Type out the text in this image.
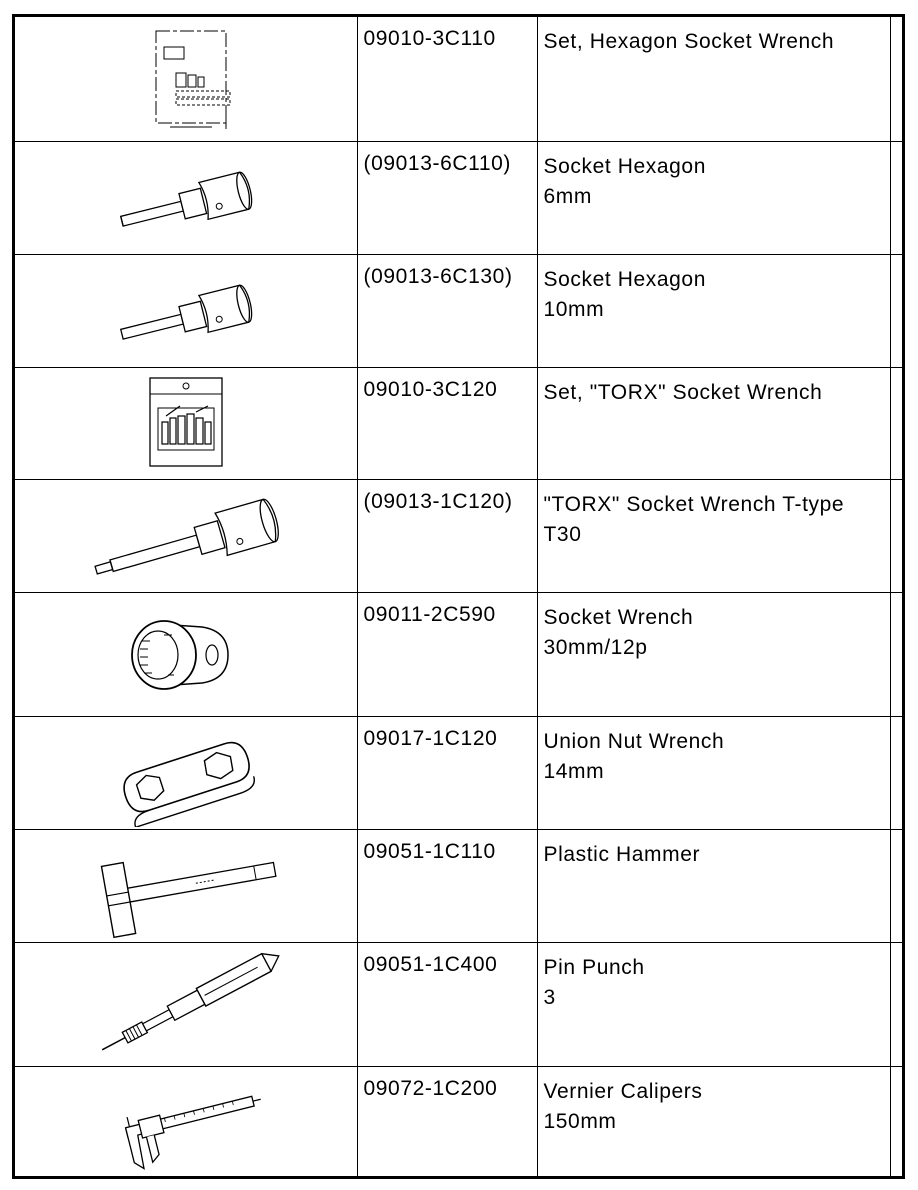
09010-3C110	Set, Hexagon Socket Wrench	

(09013-6C110)	Socket Hexagon
6mm	

(09013-6C130)	Socket Hexagon
10mm	

09010-3C120	Set, "TORX" Socket Wrench	

(09013-1C120)	"TORX" Socket Wrench T-type
T30	

09011-2C590	Socket Wrench
30mm/12p	

09017-1C120	Union Nut Wrench
14mm	

09051-1C110	Plastic Hammer	

09051-1C400	Pin Punch
3	

09072-1C200	Vernier Calipers
150mm	
